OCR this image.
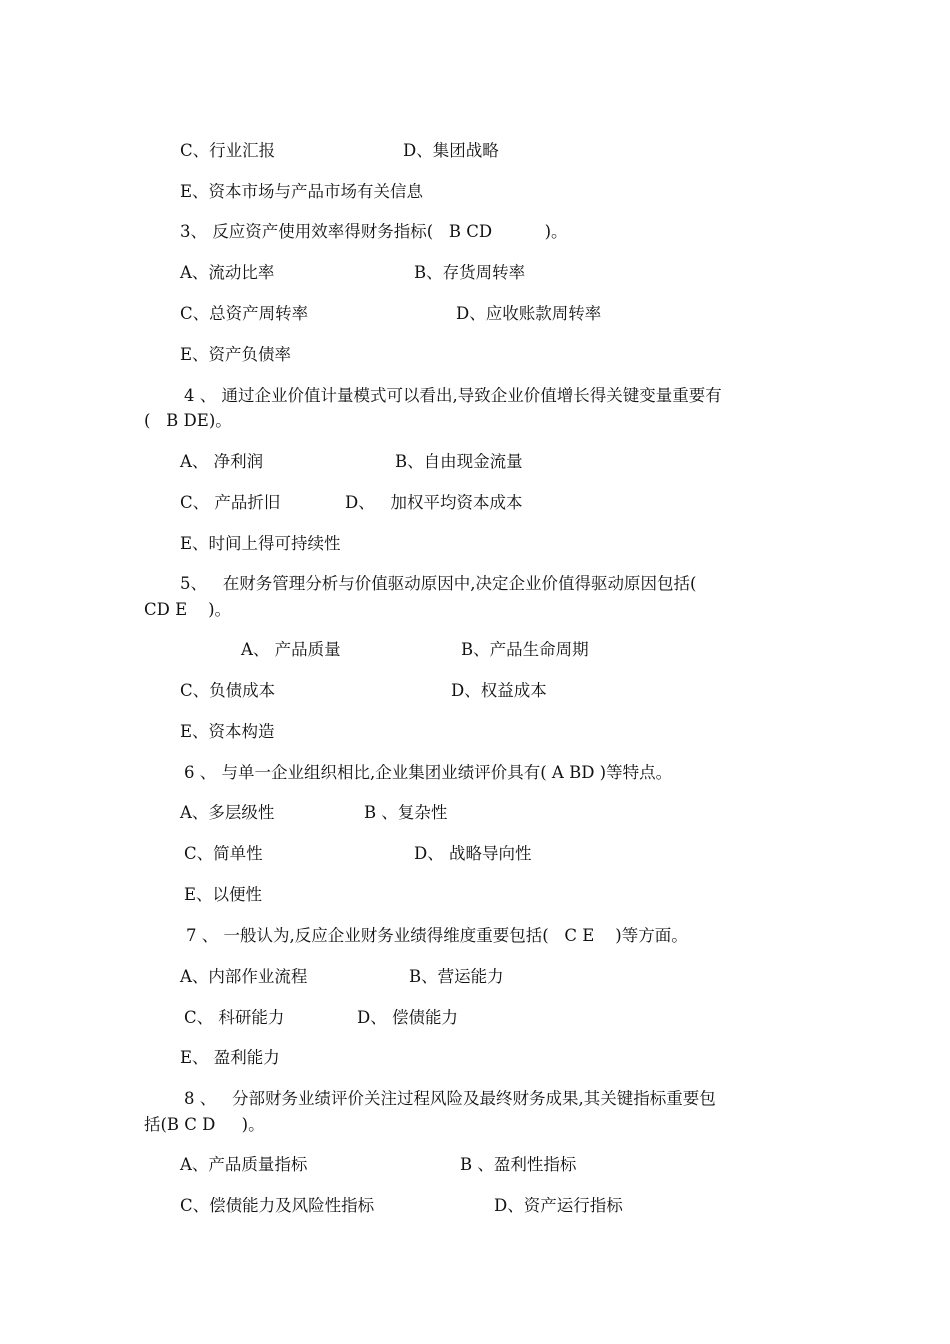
C、行业汇报	D、集团战略
E、资本市场与产品市场有关信息
3、 反应资产使用效率得财务指标(   B CD          )。
A、流动比率	B、存货周转率
C、总资产周转率	D、应收账款周转率
E、资产负债率
4 、 通过企业价值计量模式可以看出,导致企业价值增长得关键变量重要有
(   B DE)。
A、 净利润	B、自由现金流量
C、 产品折旧	D、   加权平均资本成本
E、时间上得可持续性
5、   在财务管理分析与价值驱动原因中,决定企业价值得驱动原因包括(
CD E    )。
A、 产品质量	B、产品生命周期
C、负债成本	D、权益成本
E、资本构造
6 、 与单一企业组织相比,企业集团业绩评价具有( A BD )等特点。
A、多层级性	B 、复杂性
C、简单性	D、 战略导向性
E、以便性
7 、 一般认为,反应企业财务业绩得维度重要包括(   C E    )等方面。
A、内部作业流程	B、营运能力
C、 科研能力	D、 偿债能力
E、 盈利能力
8 、   分部财务业绩评价关注过程风险及最终财务成果,其关键指标重要包
括(B C D     )。
A、产品质量指标	B 、盈利性指标
C、偿债能力及风险性指标	D、资产运行指标
